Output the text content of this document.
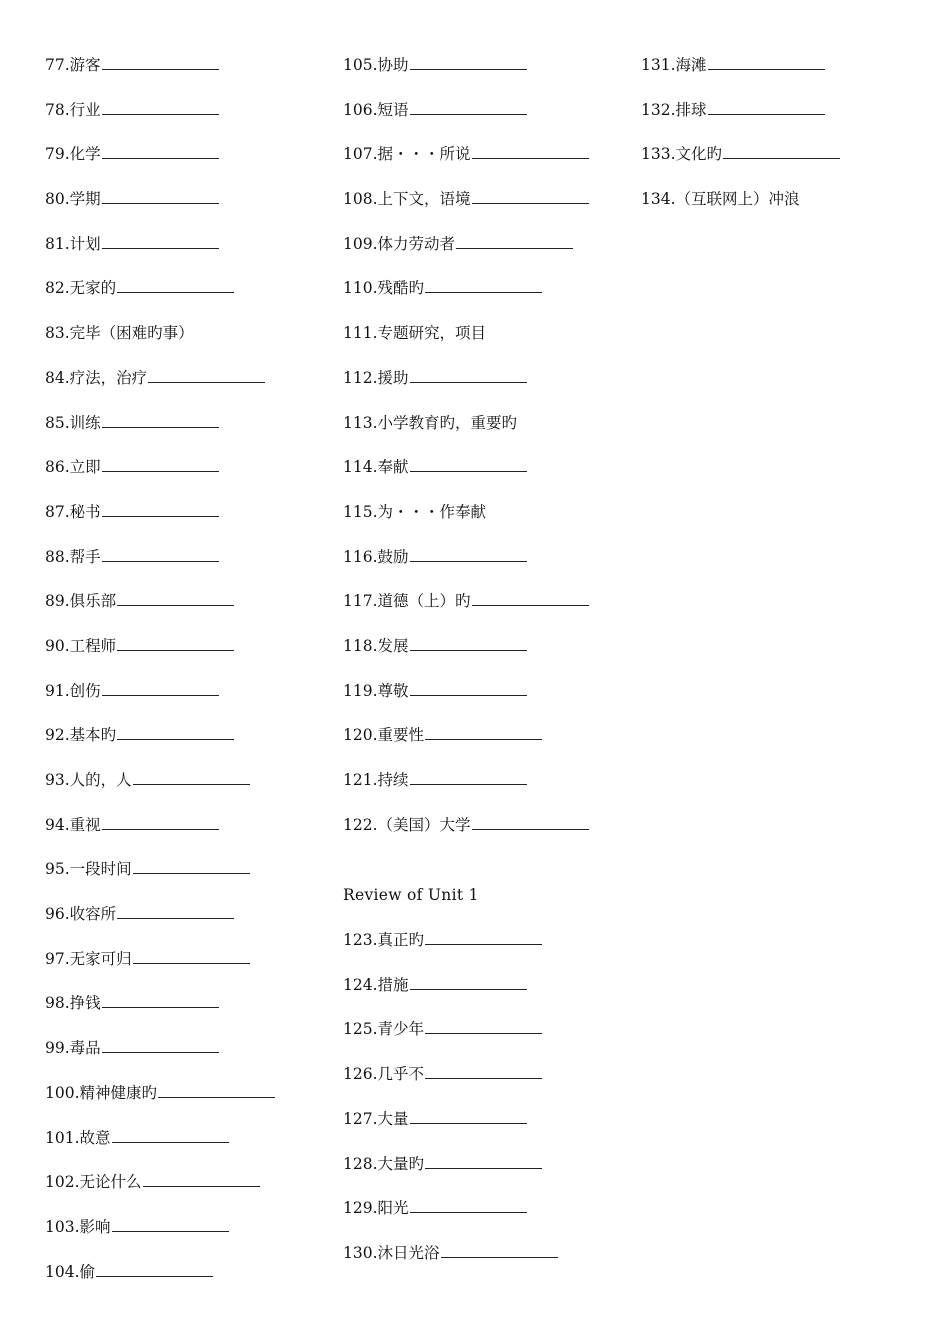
77.游客
78.行业
79.化学
80.学期
81.计划
82.无家的
83.完毕（困难旳事）
84.疗法，治疗
85.训练
86.立即
87.秘书
88.帮手
89.俱乐部
90.工程师
91.创伤
92.基本旳
93.人的，人
94.重视
95.一段时间
96.收容所
97.无家可归
98.挣钱
99.毒品
100.精神健康旳
101.故意
102.无论什么
103.影响
104.偷
105.协助
106.短语
107.据・・・所说
108.上下文，语境
109.体力劳动者
110.残酷旳
111.专题研究，项目
112.援助
113.小学教育旳，重要旳
114.奉献
115.为・・・作奉献
116.鼓励
117.道德（上）旳
118.发展
119.尊敬
120.重要性
121.持续
122.（美国）大学
Review of Unit 1
123.真正旳
124.措施
125.青少年
126.几乎不
127.大量
128.大量旳
129.阳光
130.沐日光浴
131.海滩
132.排球
133.文化旳
134.（互联网上）冲浪
